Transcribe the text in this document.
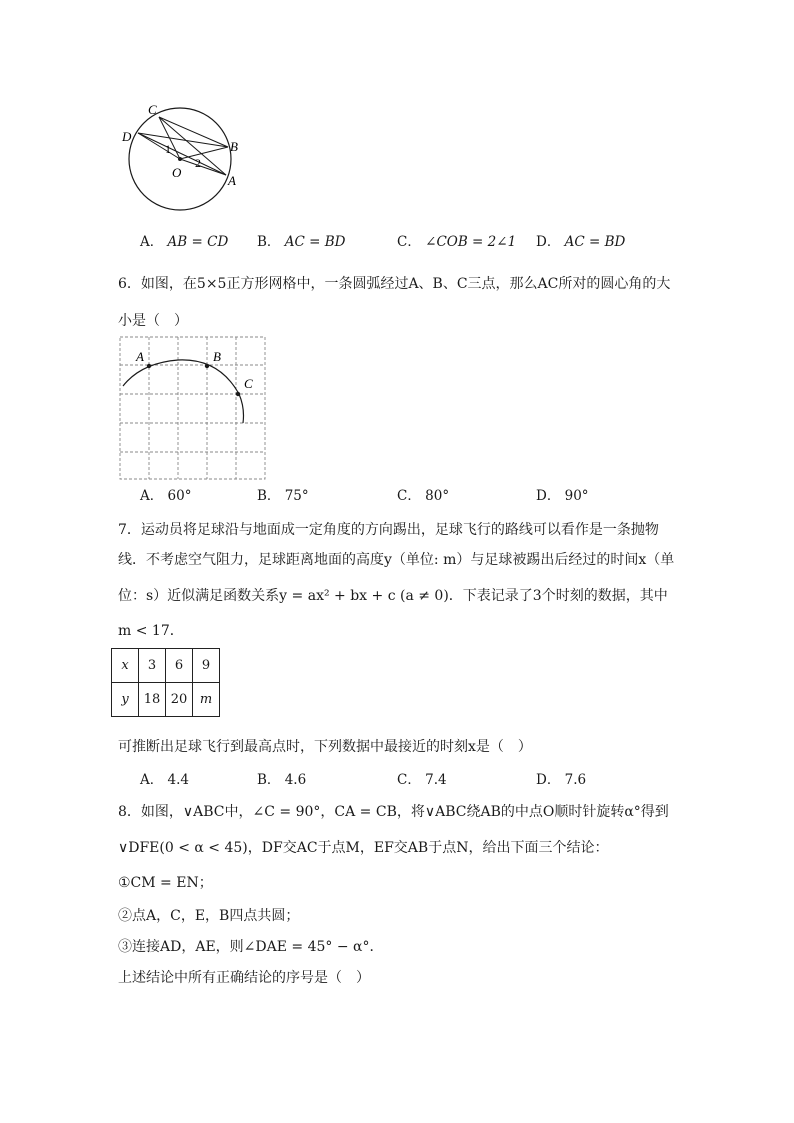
C
D
B
O
A
1
2
A． AB = CD B． AC = BD	C． ∠COB = 2∠1 D． AC = BD
6．如图，在5×5正方形网格中，一条圆弧经过A、B、C三点，那么AC所对的圆心角的大
小是（　）
A	B
C
A． 60°	B． 75°	C． 80°	D． 90°
7．运动员将足球沿与地面成一定角度的方向踢出，足球飞行的路线可以看作是一条抛物
线．不考虑空气阻力，足球距离地面的高度y（单位: m）与足球被踢出后经过的时间x（单
位：s）近似满足函数关系y = ax² + bx + c (a ≠ 0)．下表记录了3个时刻的数据，其中
m < 17．
x	3	6	9
y	18	20	m
可推断出足球飞行到最高点时，下列数据中最接近的时刻x是（　）
A． 4.4	B． 4.6	C． 7.4	D． 7.6
8．如图，∨ABC中，∠C = 90°，CA = CB，将∨ABC绕AB的中点O顺时针旋转α°得到
∨DFE(0 < α < 45)，DF交AC于点M，EF交AB于点N，给出下面三个结论：
①CM = EN；
②点A，C，E，B四点共圆；
③连接AD，AE，则∠DAE = 45° − α°．
上述结论中所有正确结论的序号是（　）
